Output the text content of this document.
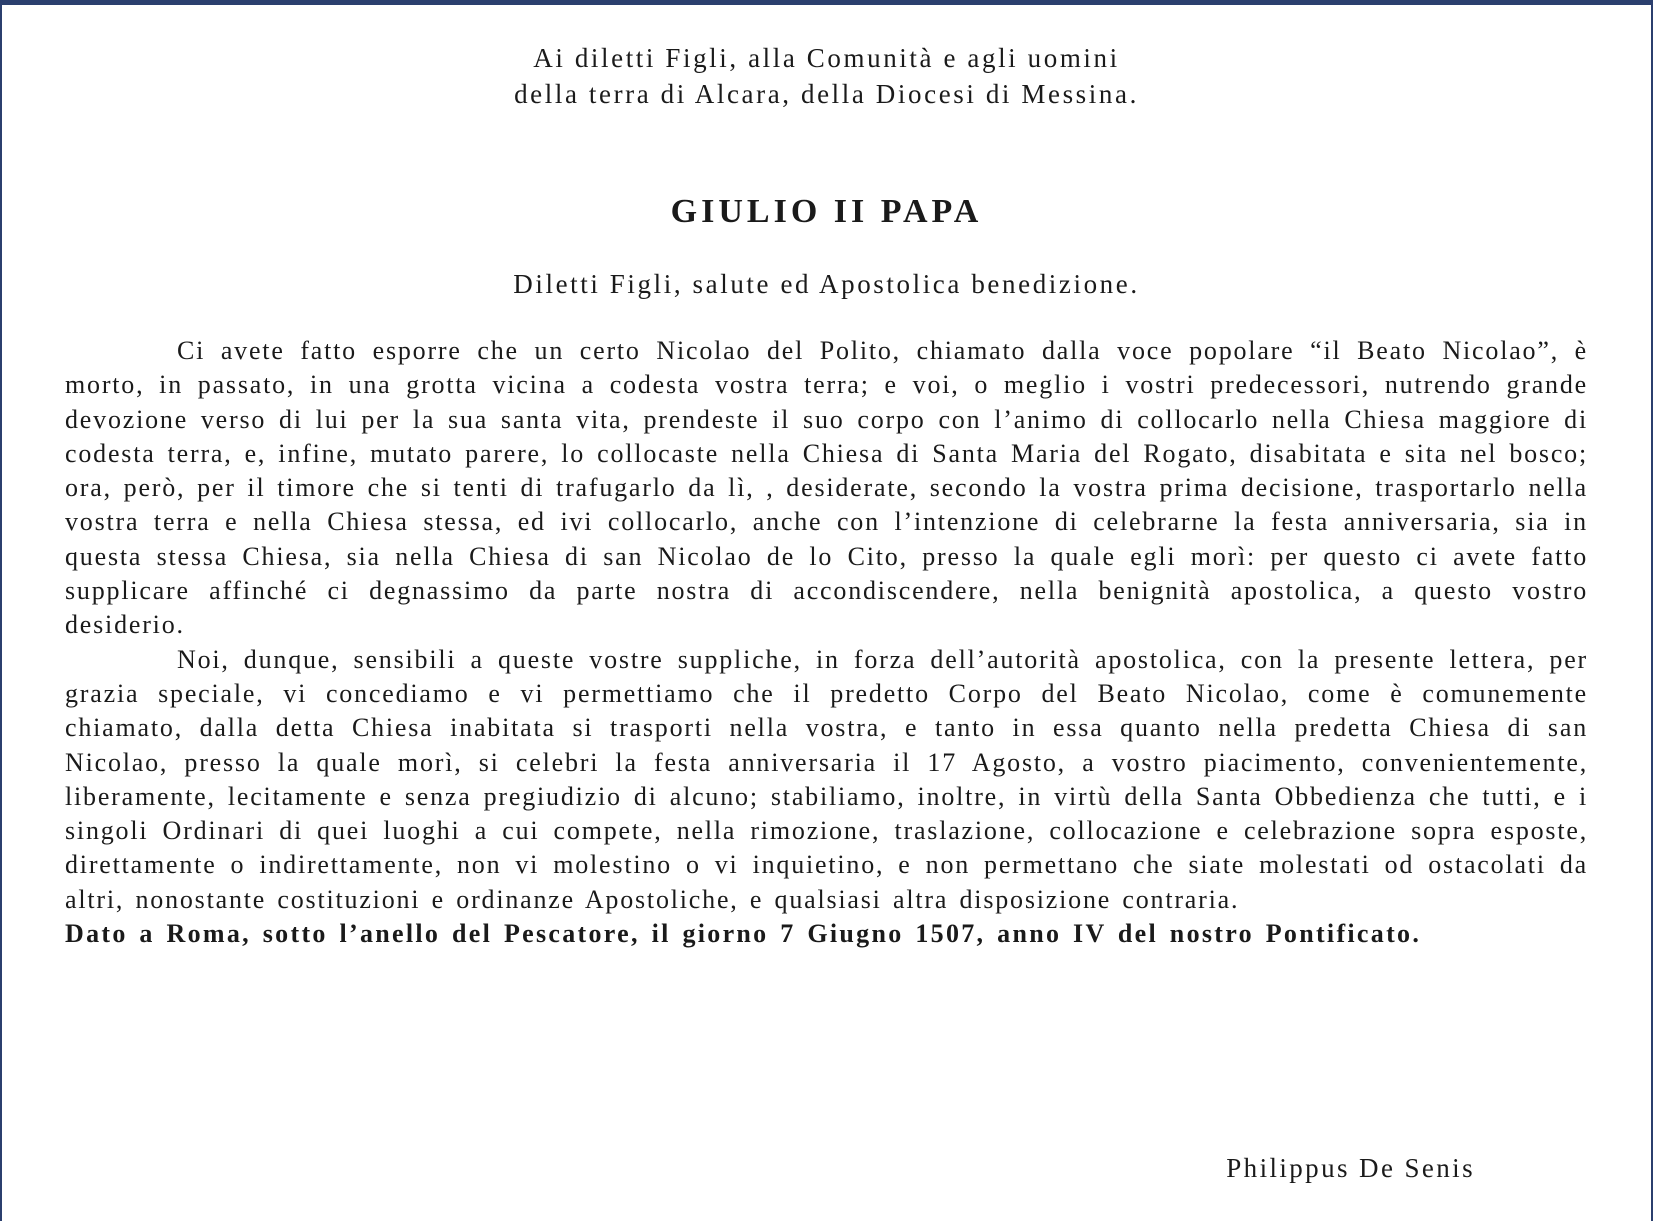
Ai diletti Figli, alla Comunità e agli uomini
della terra di Alcara, della Diocesi di Messina.
GIULIO II PAPA
Diletti Figli, salute ed Apostolica benedizione.

Ci avete fatto esporre che un certo Nicolao del Polito, chiamato dalla voce popolare “il Beato Nicolao”, è morto, in passato, in una grotta vicina a codesta vostra terra; e voi, o meglio i vostri predecessori, nutrendo grande devozione verso di lui per la sua santa vita, prendeste il suo corpo con l’animo di collocarlo nella Chiesa maggiore di codesta terra, e, infine, mutato parere, lo collocaste nella Chiesa di Santa Maria del Rogato, disabitata e sita nel bosco; ora, però, per il timore che si tenti di trafugarlo da lì, , desiderate, secondo la vostra prima decisione, trasportarlo nella vostra terra e nella Chiesa stessa, ed ivi collocarlo, anche con l’intenzione di celebrarne la festa anniversaria, sia in questa stessa Chiesa, sia nella Chiesa di san Nicolao de lo Cito, presso la quale egli morì: per questo ci avete fatto supplicare affinché ci degnassimo da parte nostra di accondiscendere, nella benignità apostolica, a questo vostro desiderio.

Noi, dunque, sensibili a queste vostre suppliche, in forza dell’autorità apostolica, con la presente lettera, per grazia speciale, vi concediamo e vi permettiamo che il predetto Corpo del Beato Nicolao, come è comunemente chiamato, dalla detta Chiesa inabitata si trasporti nella vostra, e tanto in essa quanto nella predetta Chiesa di san Nicolao, presso la quale morì, si celebri la festa anniversaria il 17 Agosto, a vostro piacimento, convenientemente, liberamente, lecitamente e senza pregiudizio di alcuno; stabiliamo, inoltre, in virtù della Santa Obbedienza che tutti, e i singoli Ordinari di quei luoghi a cui compete, nella rimozione, traslazione, collocazione e celebrazione sopra esposte, direttamente o indirettamente, non vi molestino o vi inquietino, e non permettano che siate molestati od ostacolati da altri, nonostante costituzioni e ordinanze Apostoliche, e qualsiasi altra disposizione contraria.

Dato a Roma, sotto l’anello del Pescatore, il giorno 7 Giugno 1507, anno IV del nostro Pontificato.

Philippus De Senis
